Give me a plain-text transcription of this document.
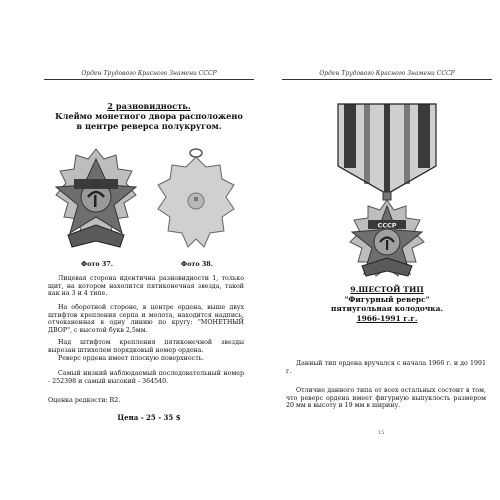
Орден Трудового Красного Знамени СССР
2 разновидность.
Клеймо монетного двора расположено
в центре реверса полукругом.
Фото 37.	Фото 38.
Лицевая сторона идентична разновидности 1, только щит, на котором нахолится пятиконечная звезда, такой как на 3 и 4 типе.
На оборотной стороне, в центре ордена, выше двух штифтов крепления серпа и молота, находится надпись, отчеканенная в одну линию по кругу: "МОНЕТНЫЙ ДВОР", с высотой букв 2,5мм.
Над штифтом крепления пятиконечной звезды вырезан штихелем порядковый номер ордена.
Реверс ордена имеет плоскую поверхность.
Самый низкий наблюдаемый последовательный номер - 252398 и самый высокий - 364540.
Оценка редкости: R2.
Цена - 25 - 35 $
Орден Трудового Красного Знамени СССР
СССР
9.ШЕСТОЙ ТИП
"Фигурный реверс"
пятиугольная колодочка.
1966-1991 г.г.
Данный тип ордена вручался с начала 1966 г. и до 1991 г.
Отличие данного типа от всех остальных состоит в том, что реверс ордена имеет фигурную выпуклость размером 20 мм в высоту и 19 мм в ширину.
15
